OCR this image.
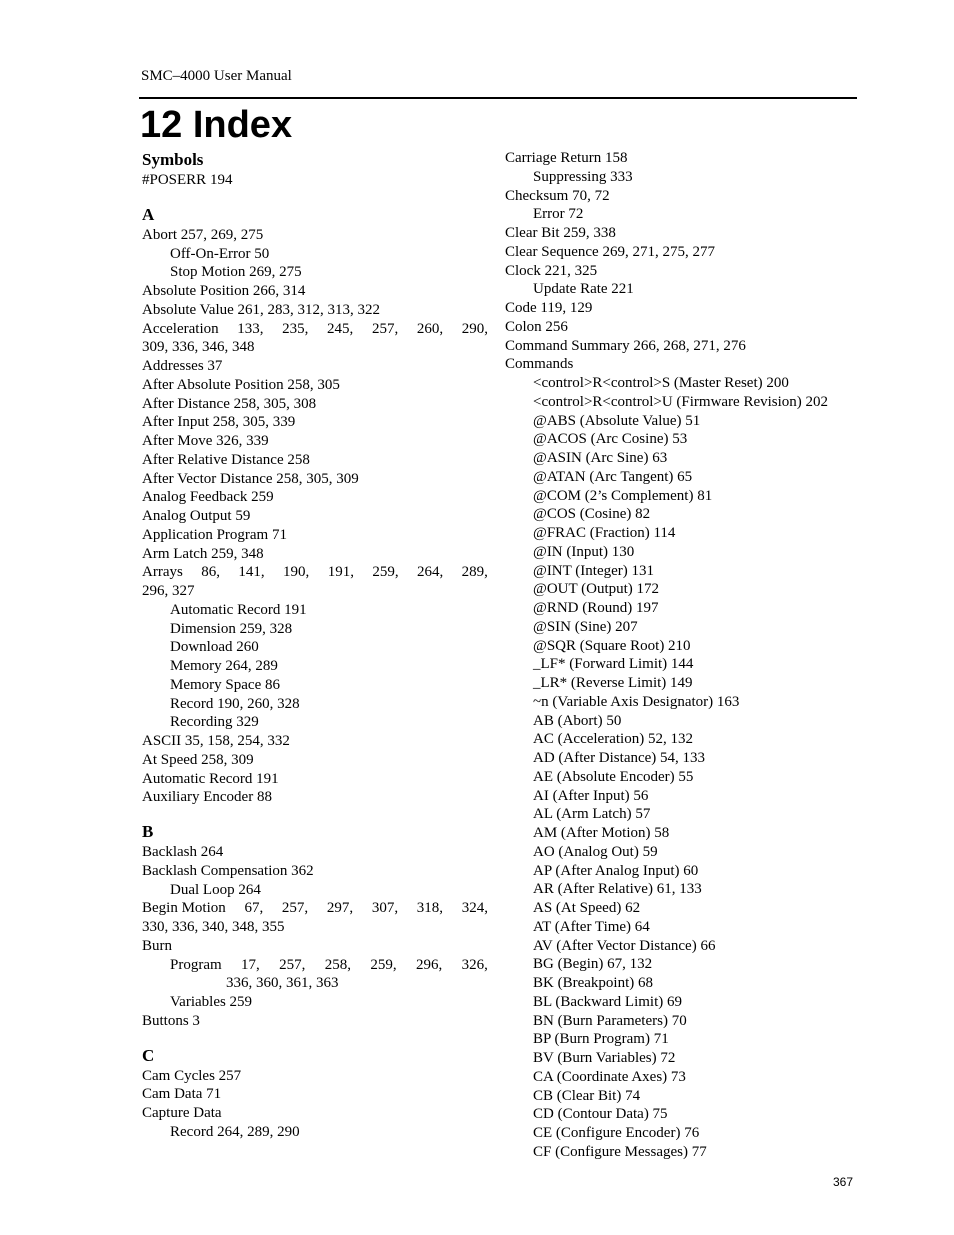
SMC–4000 User Manual
12 Index
Symbols
#POSERR 194
A
Abort 257, 269, 275
Off-On-Error 50
Stop Motion 269, 275
Absolute Position 266, 314
Absolute Value 261, 283, 312, 313, 322
Acceleration 133, 235, 245, 257, 260, 290,
309, 336, 346, 348
Addresses 37
After Absolute Position 258, 305
After Distance 258, 305, 308
After Input 258, 305, 339
After Move 326, 339
After Relative Distance 258
After Vector Distance 258, 305, 309
Analog Feedback 259
Analog Output 59
Application Program 71
Arm Latch 259, 348
Arrays 86, 141, 190, 191, 259, 264, 289,
296, 327
Automatic Record 191
Dimension 259, 328
Download 260
Memory 264, 289
Memory Space 86
Record 190, 260, 328
Recording 329
ASCII 35, 158, 254, 332
At Speed 258, 309
Automatic Record 191
Auxiliary Encoder 88
B
Backlash 264
Backlash Compensation 362
Dual Loop 264
Begin Motion 67, 257, 297, 307, 318, 324,
330, 336, 340, 348, 355
Burn
Program 17, 257, 258, 259, 296, 326,
336, 360, 361, 363
Variables 259
Buttons 3
C
Cam Cycles 257
Cam Data 71
Capture Data
Record 264, 289, 290
Carriage Return 158
Suppressing 333
Checksum 70, 72
Error 72
Clear Bit 259, 338
Clear Sequence 269, 271, 275, 277
Clock 221, 325
Update Rate 221
Code 119, 129
Colon 256
Command Summary 266, 268, 271, 276
Commands
<control>R<control>S (Master Reset) 200
<control>R<control>U (Firmware Revision) 202
@ABS (Absolute Value) 51
@ACOS (Arc Cosine) 53
@ASIN (Arc Sine) 63
@ATAN (Arc Tangent) 65
@COM (2’s Complement) 81
@COS (Cosine) 82
@FRAC (Fraction) 114
@IN (Input) 130
@INT (Integer) 131
@OUT (Output) 172
@RND (Round) 197
@SIN (Sine) 207
@SQR (Square Root) 210
_LF* (Forward Limit) 144
_LR* (Reverse Limit) 149
~n (Variable Axis Designator) 163
AB (Abort) 50
AC (Acceleration) 52, 132
AD (After Distance) 54, 133
AE (Absolute Encoder) 55
AI (After Input) 56
AL (Arm Latch) 57
AM (After Motion) 58
AO (Analog Out) 59
AP (After Analog Input) 60
AR (After Relative) 61, 133
AS (At Speed) 62
AT (After Time) 64
AV (After Vector Distance) 66
BG (Begin) 67, 132
BK (Breakpoint) 68
BL (Backward Limit) 69
BN (Burn Parameters) 70
BP (Burn Program) 71
BV (Burn Variables) 72
CA (Coordinate Axes) 73
CB (Clear Bit) 74
CD (Contour Data) 75
CE (Configure Encoder) 76
CF (Configure Messages) 77
367
